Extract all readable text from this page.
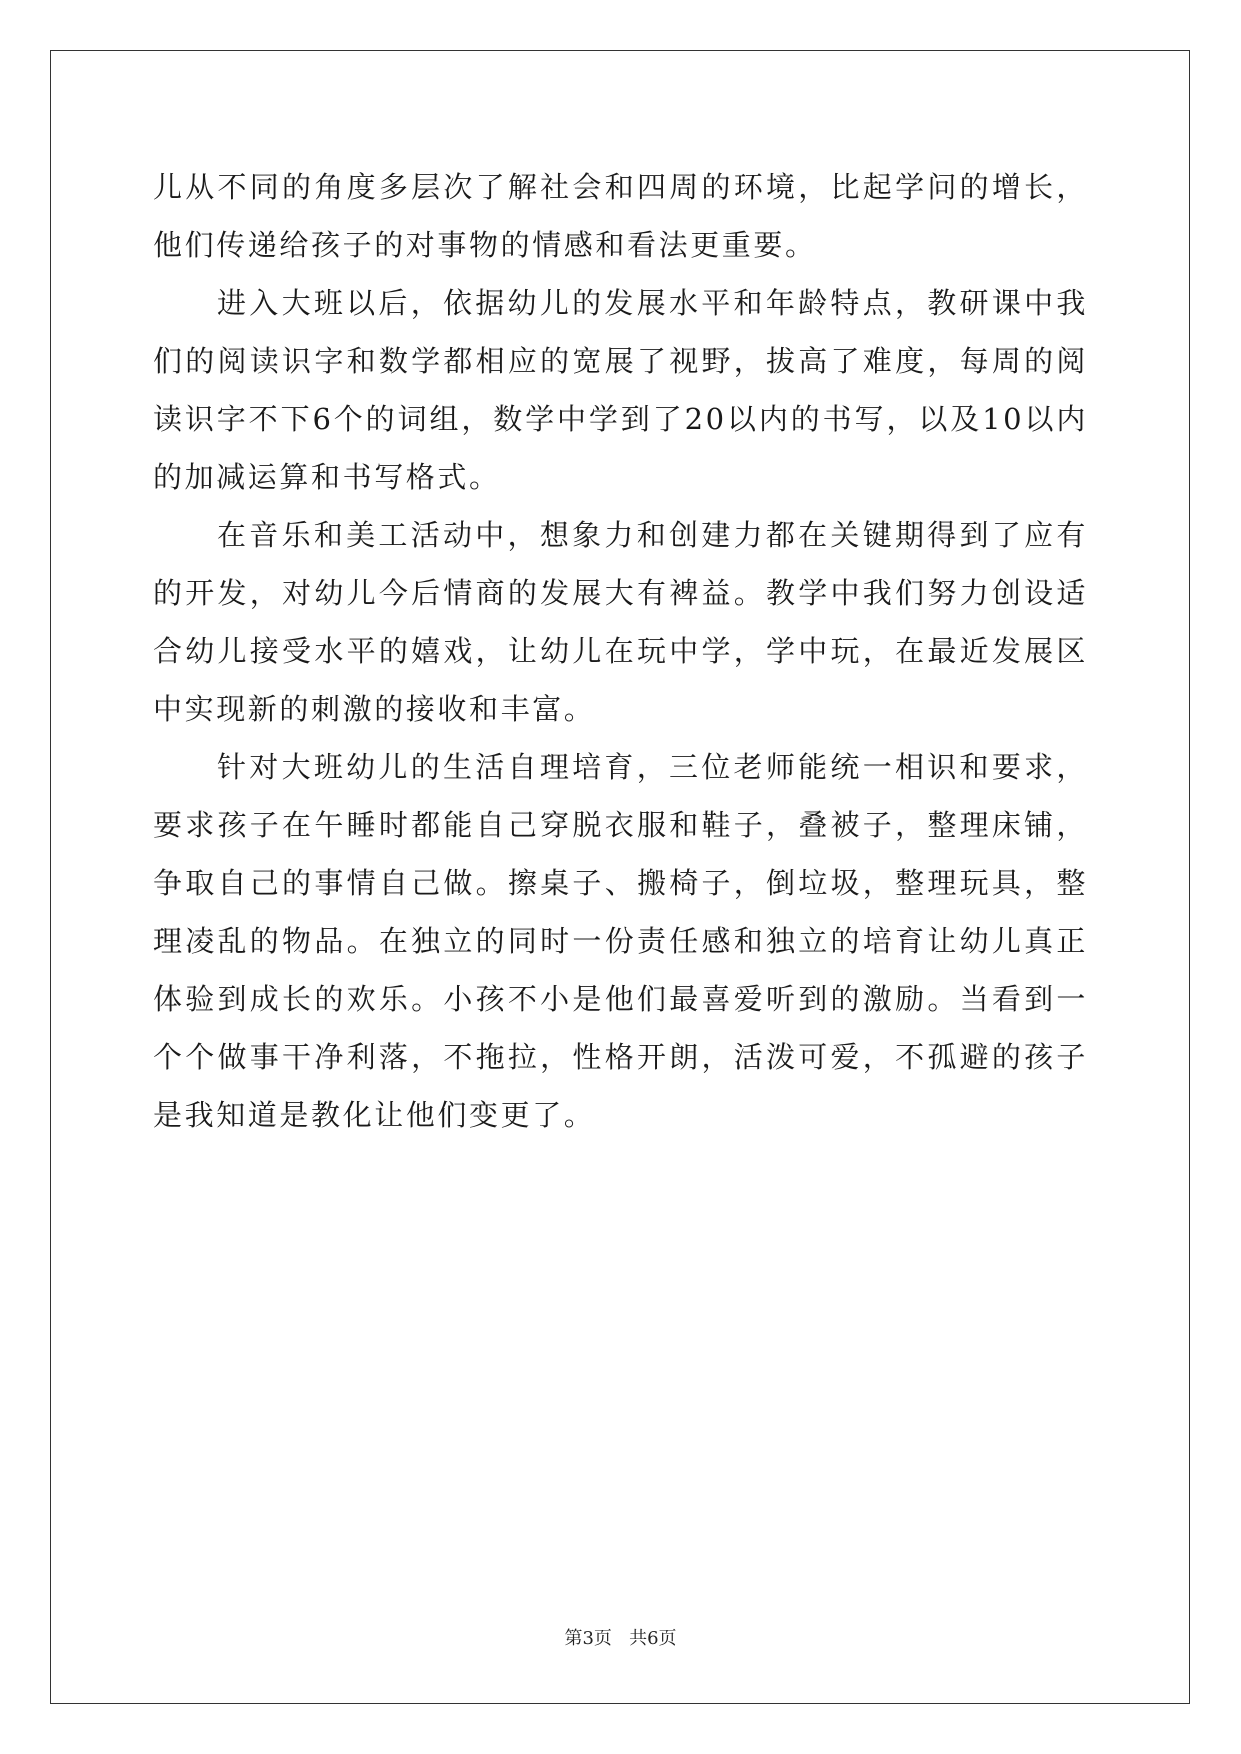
儿从不同的角度多层次了解社会和四周的环境，比起学问的增长，他们传递给孩子的对事物的情感和看法更重要。

进入大班以后，依据幼儿的发展水平和年龄特点，教研课中我们的阅读识字和数学都相应的宽展了视野，拔高了难度，每周的阅读识字不下6个的词组，数学中学到了20以内的书写，以及10以内的加减运算和书写格式。

在音乐和美工活动中，想象力和创建力都在关键期得到了应有的开发，对幼儿今后情商的发展大有裨益。教学中我们努力创设适合幼儿接受水平的嬉戏，让幼儿在玩中学，学中玩，在最近发展区中实现新的刺激的接收和丰富。

针对大班幼儿的生活自理培育，三位老师能统一相识和要求，要求孩子在午睡时都能自己穿脱衣服和鞋子，叠被子，整理床铺，争取自己的事情自己做。擦桌子、搬椅子，倒垃圾，整理玩具，整理凌乱的物品。在独立的同时一份责任感和独立的培育让幼儿真正体验到成长的欢乐。小孩不小是他们最喜爱听到的激励。当看到一个个做事干净利落，不拖拉，性格开朗，活泼可爱，不孤避的孩子是我知道是教化让他们变更了。

第3页 共6页
